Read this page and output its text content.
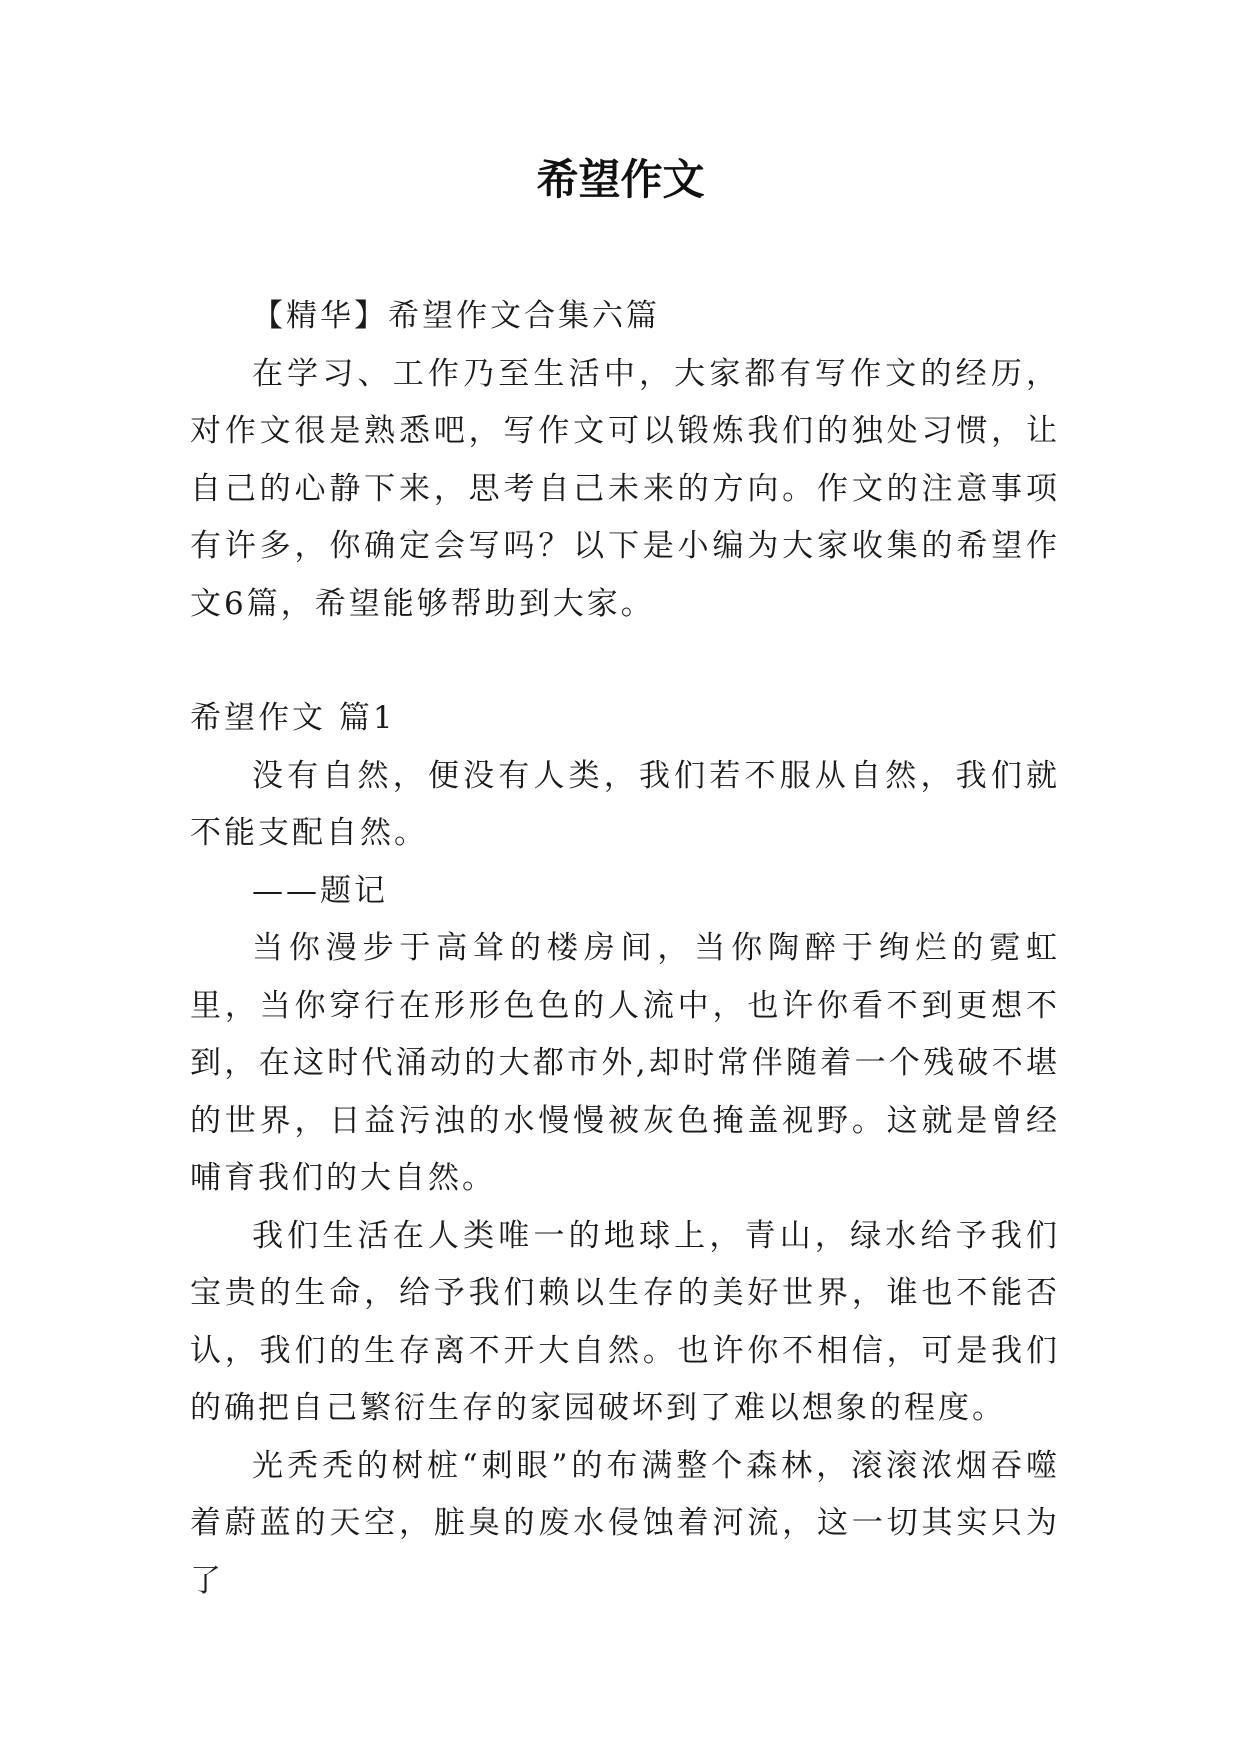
希望作文

【精华】希望作文合集六篇

在学习、工作乃至生活中，大家都有写作文的经历，对作文很是熟悉吧，写作文可以锻炼我们的独处习惯，让自己的心静下来，思考自己未来的方向。作文的注意事项有许多，你确定会写吗？以下是小编为大家收集的希望作文6篇，希望能够帮助到大家。

希望作文 篇1

没有自然，便没有人类，我们若不服从自然，我们就不能支配自然。

——题记

当你漫步于高耸的楼房间，当你陶醉于绚烂的霓虹里，当你穿行在形形色色的人流中，也许你看不到更想不到，在这时代涌动的大都市外,却时常伴随着一个残破不堪的世界，日益污浊的水慢慢被灰色掩盖视野。这就是曾经哺育我们的大自然。

我们生活在人类唯一的地球上，青山，绿水给予我们宝贵的生命，给予我们赖以生存的美好世界，谁也不能否认，我们的生存离不开大自然。也许你不相信，可是我们的确把自己繁衍生存的家园破坏到了难以想象的程度。

光秃秃的树桩“刺眼”的布满整个森林，滚滚浓烟吞噬着蔚蓝的天空，脏臭的废水侵蚀着河流，这一切其实只为了
